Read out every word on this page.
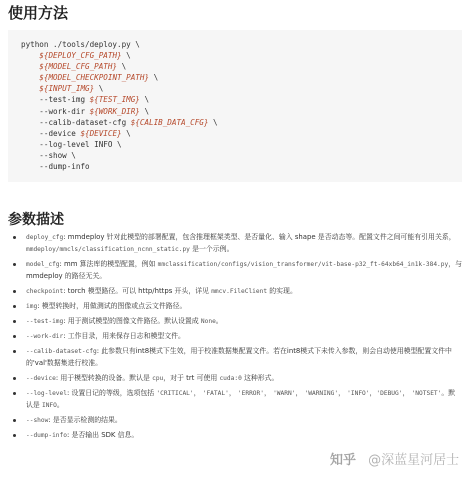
使用方法
python ./tools/deploy.py \
${DEPLOY_CFG_PATH} \
${MODEL_CFG_PATH} \
${MODEL_CHECKPOINT_PATH} \
${INPUT_IMG} \
--test-img ${TEST_IMG} \
--work-dir ${WORK_DIR} \
--calib-dataset-cfg ${CALIB_DATA_CFG} \
--device ${DEVICE} \
--log-level INFO \
--show \
--dump-info
参数描述
deploy_cfg: mmdeploy 针对此模型的部署配置，包含推理框架类型、是否量化、输入 shape 是否动态等。配置文件之间可能有引用关系，mmdeploy/mmcls/classification_ncnn_static.py 是一个示例。
model_cfg: mm 算法库的模型配置，例如 mmclassification/configs/vision_transformer/vit-base-p32_ft-64xb64_in1k-384.py，与 mmdeploy 的路径无关。
checkpoint: torch 模型路径。可以 http/https 开头，详见 mmcv.FileClient 的实现。
img: 模型转换时，用做测试的图像或点云文件路径。
--test-img: 用于测试模型的图像文件路径。默认设置成 None。
--work-dir: 工作目录，用来保存日志和模型文件。
--calib-dataset-cfg: 此参数只有int8模式下生效，用于校准数据集配置文件。若在int8模式下未传入参数，则会自动使用模型配置文件中的'val'数据集进行校准。
--device: 用于模型转换的设备。默认是 cpu，对于 trt 可使用 cuda:0 这种形式。
--log-level: 设置日记的等级，选项包括 'CRITICAL'， 'FATAL'， 'ERROR'， 'WARN'， 'WARNING'， 'INFO'，'DEBUG'， 'NOTSET'。默认是 INFO。
--show: 是否显示检测的结果。
--dump-info: 是否输出 SDK 信息。
知乎 @深蓝星河居士
